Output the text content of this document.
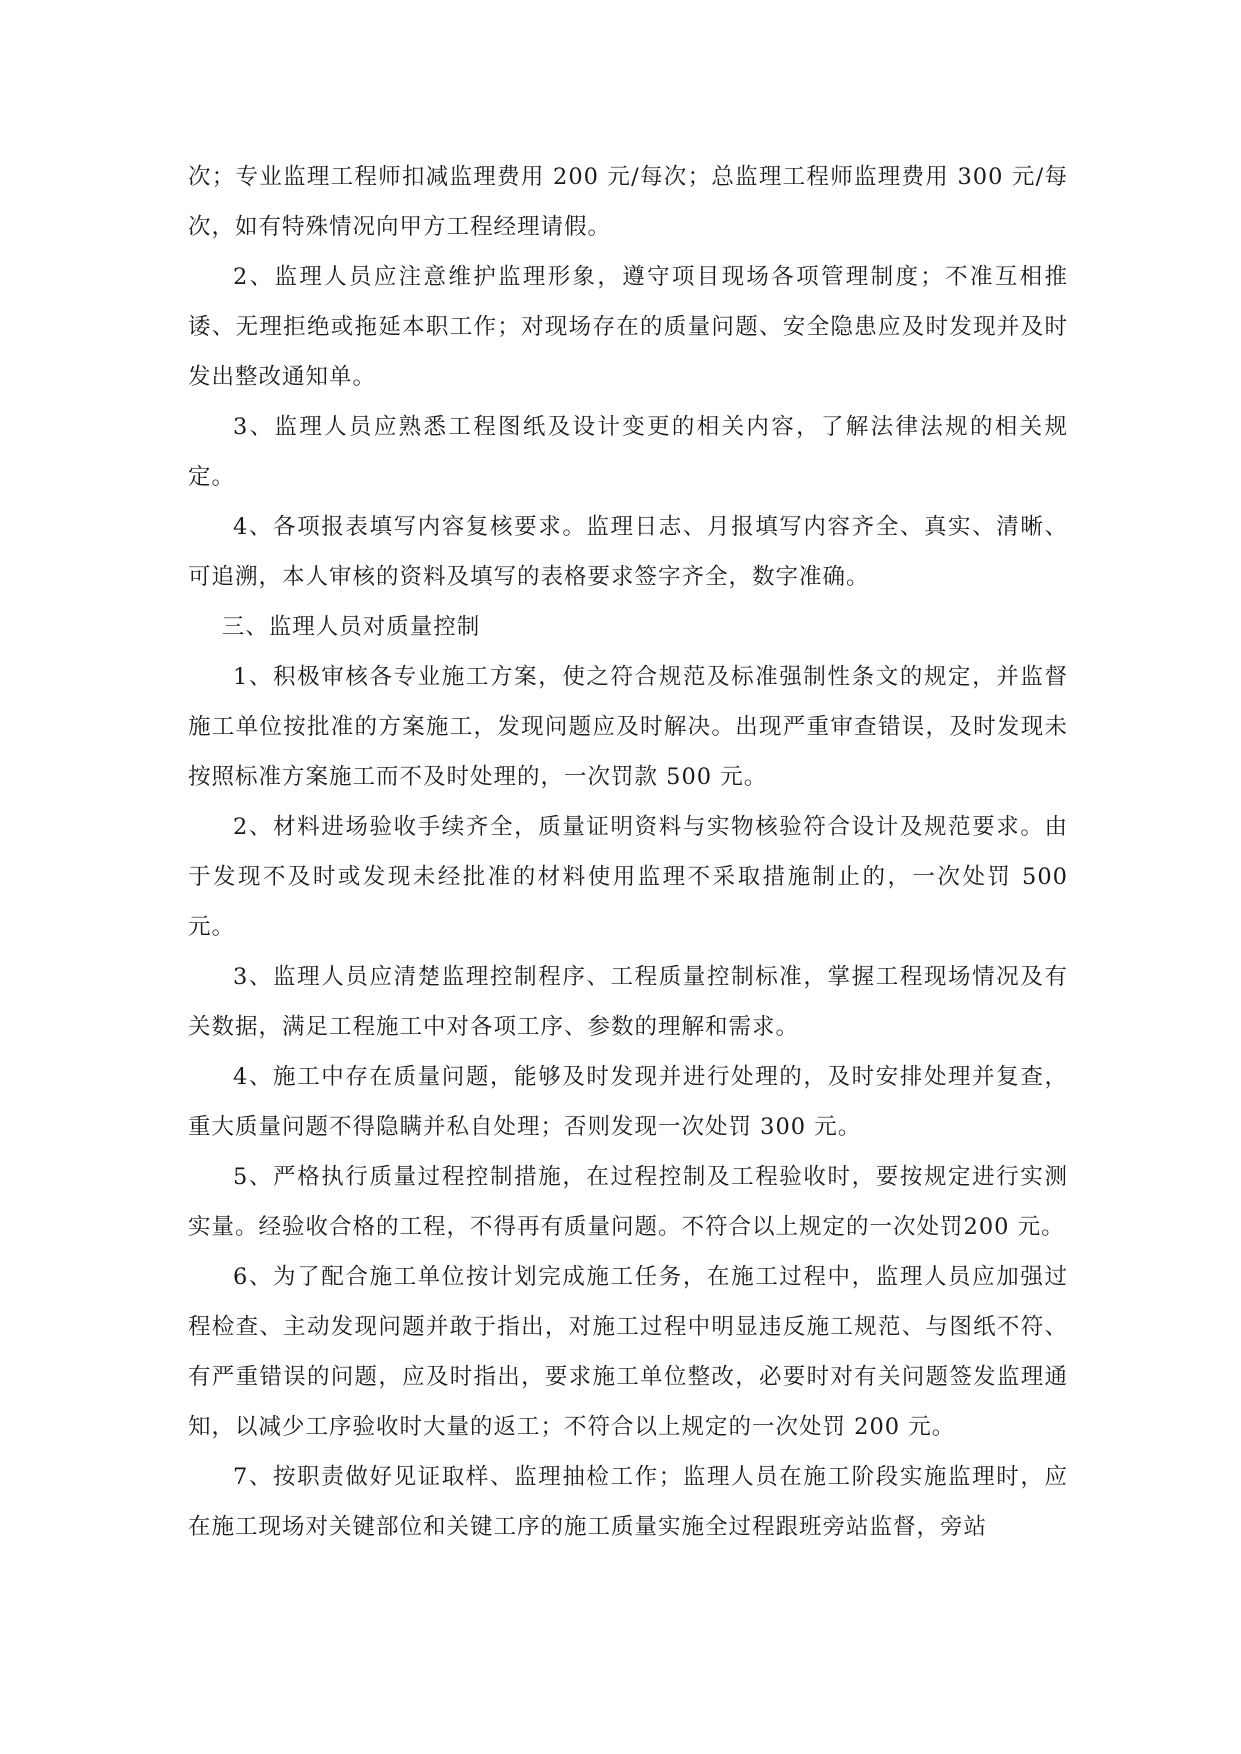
次；专业监理工程师扣减监理费用 200 元/每次；总监理工程师监理费用 300 元/每次，如有特殊情况向甲方工程经理请假。

2、监理人员应注意维护监理形象，遵守项目现场各项管理制度；不准互相推诿、无理拒绝或拖延本职工作；对现场存在的质量问题、安全隐患应及时发现并及时发出整改通知单。

3、监理人员应熟悉工程图纸及设计变更的相关内容，了解法律法规的相关规定。

4、各项报表填写内容复核要求。监理日志、月报填写内容齐全、真实、清晰、可追溯，本人审核的资料及填写的表格要求签字齐全，数字准确。

三、监理人员对质量控制

1、积极审核各专业施工方案，使之符合规范及标准强制性条文的规定，并监督施工单位按批准的方案施工，发现问题应及时解决。出现严重审查错误，及时发现未按照标准方案施工而不及时处理的，一次罚款 500 元。

2、材料进场验收手续齐全，质量证明资料与实物核验符合设计及规范要求。由于发现不及时或发现未经批准的材料使用监理不采取措施制止的，一次处罚 500 元。

3、监理人员应清楚监理控制程序、工程质量控制标准，掌握工程现场情况及有关数据，满足工程施工中对各项工序、参数的理解和需求。

4、施工中存在质量问题，能够及时发现并进行处理的，及时安排处理并复查，重大质量问题不得隐瞒并私自处理；否则发现一次处罚 300 元。

5、严格执行质量过程控制措施，在过程控制及工程验收时，要按规定进行实测实量。经验收合格的工程，不得再有质量问题。不符合以上规定的一次处罚200 元。

6、为了配合施工单位按计划完成施工任务，在施工过程中，监理人员应加强过程检查、主动发现问题并敢于指出，对施工过程中明显违反施工规范、与图纸不符、有严重错误的问题，应及时指出，要求施工单位整改，必要时对有关问题签发监理通知，以减少工序验收时大量的返工；不符合以上规定的一次处罚 200 元。

7、按职责做好见证取样、监理抽检工作；监理人员在施工阶段实施监理时，应在施工现场对关键部位和关键工序的施工质量实施全过程跟班旁站监督，旁站
